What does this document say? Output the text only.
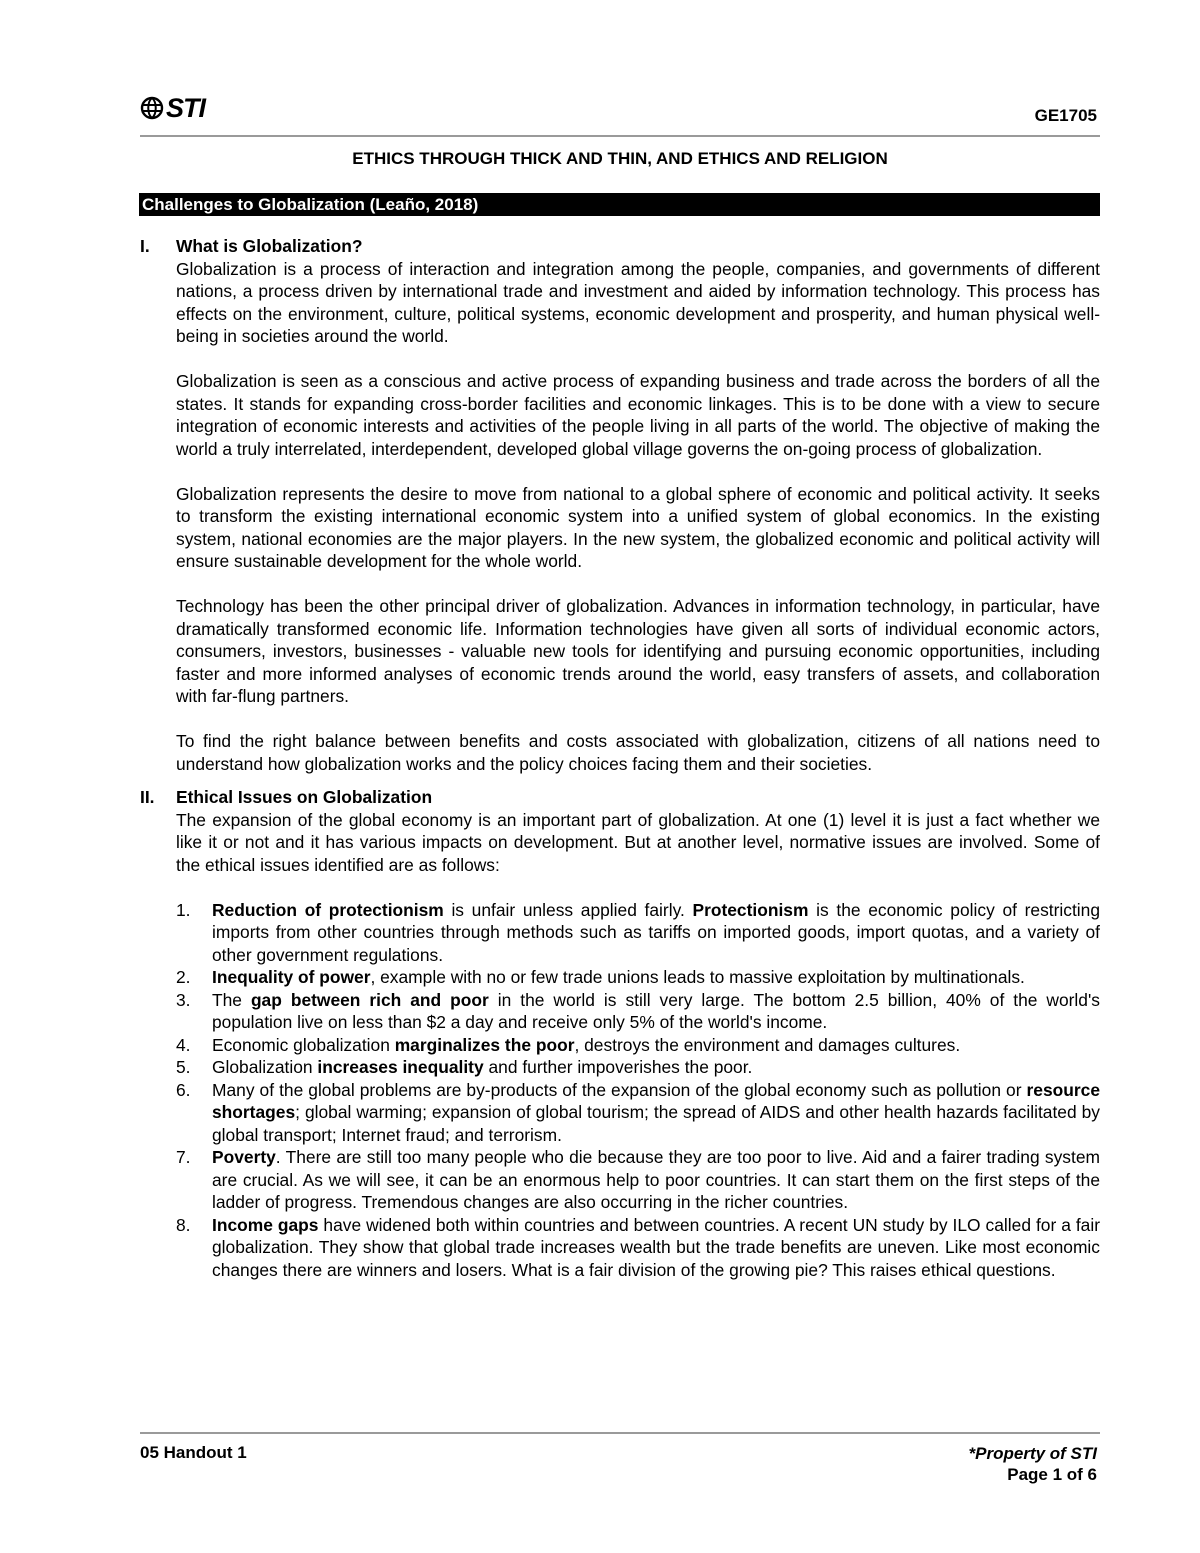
STI	GE1705
ETHICS THROUGH THICK AND THIN, AND ETHICS AND RELIGION
Challenges to Globalization (Leaño, 2018)
I.	What is Globalization?

Globalization is a process of interaction and integration among the people, companies, and governments of different nations, a process driven by international trade and investment and aided by information technology. This process has effects on the environment, culture, political systems, economic development and prosperity, and human physical well-being in societies around the world.

Globalization is seen as a conscious and active process of expanding business and trade across the borders of all the states. It stands for expanding cross-border facilities and economic linkages. This is to be done with a view to secure integration of economic interests and activities of the people living in all parts of the world. The objective of making the world a truly interrelated, interdependent, developed global village governs the on-going process of globalization.

Globalization represents the desire to move from national to a global sphere of economic and political activity. It seeks to transform the existing international economic system into a unified system of global economics. In the existing system, national economies are the major players. In the new system, the globalized economic and political activity will ensure sustainable development for the whole world.

Technology has been the other principal driver of globalization. Advances in information technology, in particular, have dramatically transformed economic life. Information technologies have given all sorts of individual economic actors, consumers, investors, businesses - valuable new tools for identifying and pursuing economic opportunities, including faster and more informed analyses of economic trends around the world, easy transfers of assets, and collaboration with far-flung partners.

To find the right balance between benefits and costs associated with globalization, citizens of all nations need to understand how globalization works and the policy choices facing them and their societies.

II.	Ethical Issues on Globalization

The expansion of the global economy is an important part of globalization. At one (1) level it is just a fact whether we like it or not and it has various impacts on development. But at another level, normative issues are involved. Some of the ethical issues identified are as follows:

1.	Reduction of protectionism is unfair unless applied fairly. Protectionism is the economic policy of restricting imports from other countries through methods such as tariffs on imported goods, import quotas, and a variety of other government regulations.
2.	Inequality of power, example with no or few trade unions leads to massive exploitation by multinationals.
3.	The gap between rich and poor in the world is still very large. The bottom 2.5 billion, 40% of the world's population live on less than $2 a day and receive only 5% of the world's income.
4.	Economic globalization marginalizes the poor, destroys the environment and damages cultures.
5.	Globalization increases inequality and further impoverishes the poor.
6.	Many of the global problems are by-products of the expansion of the global economy such as pollution or resource shortages; global warming; expansion of global tourism; the spread of AIDS and other health hazards facilitated by global transport; Internet fraud; and terrorism.
7.	Poverty. There are still too many people who die because they are too poor to live. Aid and a fairer trading system are crucial. As we will see, it can be an enormous help to poor countries. It can start them on the first steps of the ladder of progress. Tremendous changes are also occurring in the richer countries.
8.	Income gaps have widened both within countries and between countries. A recent UN study by ILO called for a fair globalization. They show that global trade increases wealth but the trade benefits are uneven. Like most economic changes there are winners and losers. What is a fair division of the growing pie? This raises ethical questions.
05 Handout 1	*Property of STI
Page 1 of 6
